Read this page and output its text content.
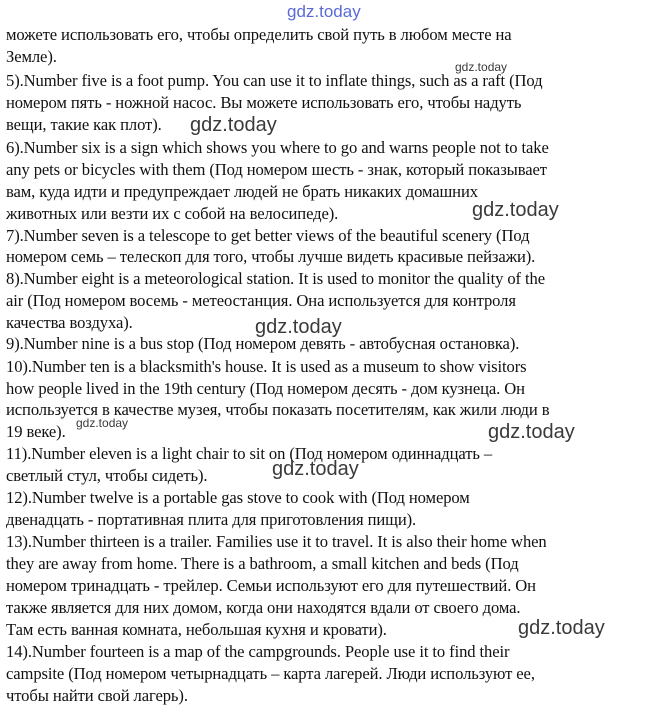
gdz.today
можете использовать его, чтобы определить свой путь в любом месте на
Земле).
5).Number five is a foot pump. You can use it to inflate things, such as a raft (Под
номером пять - ножной насос. Вы можете использовать его, чтобы надуть
вещи, такие как плот).
6).Number six is a sign which shows you where to go and warns people not to take
any pets or bicycles with them (Под номером шесть - знак, который показывает
вам, куда идти и предупреждает людей не брать никаких домашних
животных или везти их с собой на велосипеде).
7).Number seven is a telescope to get better views of the beautiful scenery (Под
номером семь – телескоп для того, чтобы лучше видеть красивые пейзажи).
8).Number eight is a meteorological station. It is used to monitor the quality of the
air (Под номером восемь - метеостанция. Она используется для контроля
качества воздуха).
9).Number nine is a bus stop (Под номером девять - автобусная остановка).
10).Number ten is a blacksmith's house. It is used as a museum to show visitors
how people lived in the 19th century (Под номером десять - дом кузнеца. Он
используется в качестве музея, чтобы показать посетителям, как жили люди в
19 веке).
11).Number eleven is a light chair to sit on (Под номером одиннадцать –
светлый стул, чтобы сидеть).
12).Number twelve is a portable gas stove to cook with (Под номером
двенадцать - портативная плита для приготовления пищи).
13).Number thirteen is a trailer. Families use it to travel. It is also their home when
they are away from home. There is a bathroom, a small kitchen and beds (Под
номером тринадцать - трейлер. Семьи используют его для путешествий. Он
также является для них домом, когда они находятся вдали от своего дома.
Там есть ванная комната, небольшая кухня и кровати).
14).Number fourteen is a map of the campgrounds. People use it to find their
campsite (Под номером четырнадцать – карта лагерей. Люди используют ее,
чтобы найти свой лагерь).
gdz.today
gdz.today
gdz.today
gdz.today
gdz.today	gdz.today
gdz.today
gdz.today
